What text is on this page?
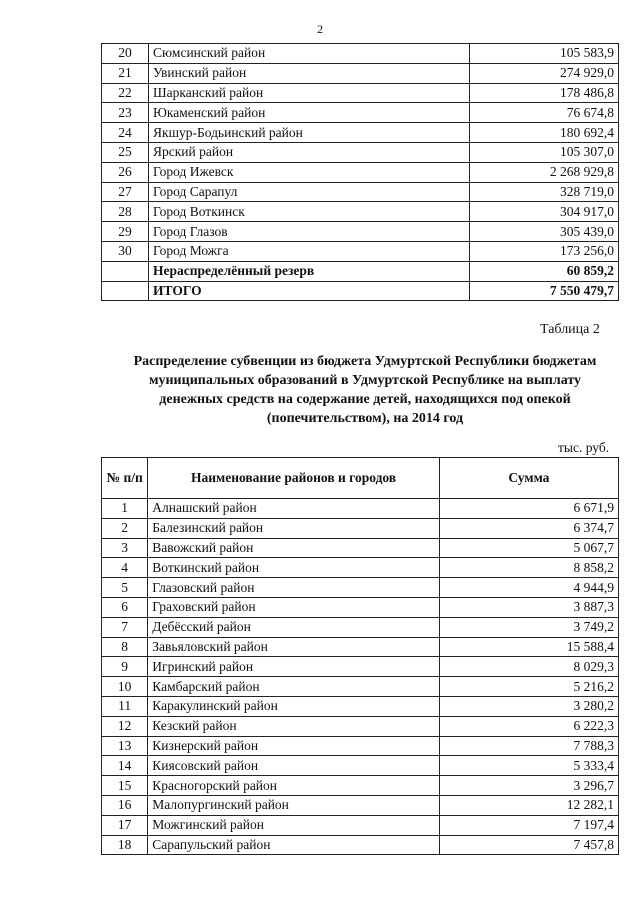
2
20	Сюмсинский район	105 583,9
21	Увинский район	274 929,0
22	Шарканский район	178 486,8
23	Юкаменский район	76 674,8
24	Якшур-Бодьинский район	180 692,4
25	Ярский район	105 307,0
26	Город Ижевск	2 268 929,8
27	Город Сарапул	328 719,0
28	Город Воткинск	304 917,0
29	Город Глазов	305 439,0
30	Город Можга	173 256,0
	Нераспределённый резерв	60 859,2
	ИТОГО	7 550 479,7
Таблица 2
Распределение субвенции из бюджета Удмуртской Республики бюджетам
муниципальных образований в Удмуртской Республике на выплату
денежных средств на содержание детей, находящихся под опекой
(попечительством), на 2014 год
тыс. руб.
№ п/п	Наименование районов и городов	Сумма
1	Алнашский район	6 671,9
2	Балезинский район	6 374,7
3	Вавожский район	5 067,7
4	Воткинский район	8 858,2
5	Глазовский район	4 944,9
6	Граховский район	3 887,3
7	Дебёсский район	3 749,2
8	Завьяловский район	15 588,4
9	Игринский район	8 029,3
10	Камбарский район	5 216,2
11	Каракулинский район	3 280,2
12	Кезский район	6 222,3
13	Кизнерский район	7 788,3
14	Киясовский район	5 333,4
15	Красногорский район	3 296,7
16	Малопургинский район	12 282,1
17	Можгинский район	7 197,4
18	Сарапульский район	7 457,8
